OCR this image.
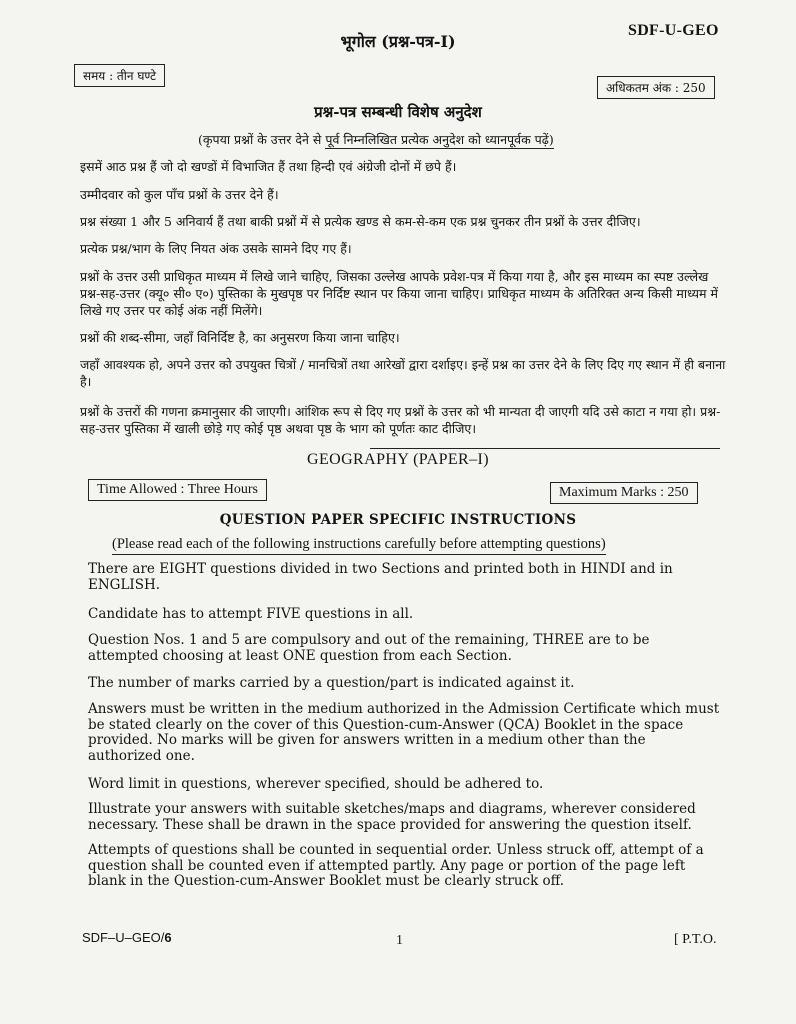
SDF-U-GEO
भूगोल (प्रश्न-पत्र-I)
समय : तीन घण्टे
अधिकतम अंक : 250
प्रश्न-पत्र सम्बन्धी विशेष अनुदेश
(कृपया प्रश्नों के उत्तर देने से पूर्व निम्नलिखित प्रत्येक अनुदेश को ध्यानपूर्वक पढ़ें)
इसमें आठ प्रश्न हैं जो दो खण्डों में विभाजित हैं तथा हिन्दी एवं अंग्रेजी दोनों में छपे हैं।
उम्मीदवार को कुल पाँच प्रश्नों के उत्तर देने हैं।
प्रश्न संख्या 1 और 5 अनिवार्य हैं तथा बाकी प्रश्नों में से प्रत्येक खण्ड से कम-से-कम एक प्रश्न चुनकर तीन प्रश्नों के उत्तर दीजिए।
प्रत्येक प्रश्न/भाग के लिए नियत अंक उसके सामने दिए गए हैं।
प्रश्नों के उत्तर उसी प्राधिकृत माध्यम में लिखे जाने चाहिए, जिसका उल्लेख आपके प्रवेश-पत्र में किया गया है, और इस माध्यम का स्पष्ट उल्लेख प्रश्न-सह-उत्तर (क्यू० सी० ए०) पुस्तिका के मुखपृष्ठ पर निर्दिष्ट स्थान पर किया जाना चाहिए। प्राधिकृत माध्यम के अतिरिक्त अन्य किसी माध्यम में लिखे गए उत्तर पर कोई अंक नहीं मिलेंगे।
प्रश्नों की शब्द-सीमा, जहाँ विनिर्दिष्ट है, का अनुसरण किया जाना चाहिए।
जहाँ आवश्यक हो, अपने उत्तर को उपयुक्त चित्रों / मानचित्रों तथा आरेखों द्वारा दर्शाइए। इन्हें प्रश्न का उत्तर देने के लिए दिए गए स्थान में ही बनाना है।
प्रश्नों के उत्तरों की गणना क्रमानुसार की जाएगी। आंशिक रूप से दिए गए प्रश्नों के उत्तर को भी मान्यता दी जाएगी यदि उसे काटा न गया हो। प्रश्न-सह-उत्तर पुस्तिका में खाली छोड़े गए कोई पृष्ठ अथवा पृष्ठ के भाग को पूर्णतः काट दीजिए।
GEOGRAPHY (PAPER–I)
Time Allowed : Three Hours	Maximum Marks : 250
QUESTION PAPER SPECIFIC INSTRUCTIONS
(Please read each of the following instructions carefully before attempting questions )
There are EIGHT questions divided in two Sections and printed both in HINDI and in ENGLISH.
Candidate has to attempt FIVE questions in all.
Question Nos. 1 and 5 are compulsory and out of the remaining, THREE are to be attempted choosing at least ONE question from each Section.
The number of marks carried by a question/part is indicated against it.
Answers must be written in the medium authorized in the Admission Certificate which must be stated clearly on the cover of this Question-cum-Answer (QCA) Booklet in the space provided. No marks will be given for answers written in a medium other than the authorized one.
Word limit in questions, wherever specified, should be adhered to.
Illustrate your answers with suitable sketches/maps and diagrams, wherever considered necessary. These shall be drawn in the space provided for answering the question itself.
Attempts of questions shall be counted in sequential order. Unless struck off, attempt of a question shall be counted even if attempted partly. Any page or portion of the page left blank in the Question-cum-Answer Booklet must be clearly struck off.
SDF–U–GEO/6	1	[ P.T.O.
